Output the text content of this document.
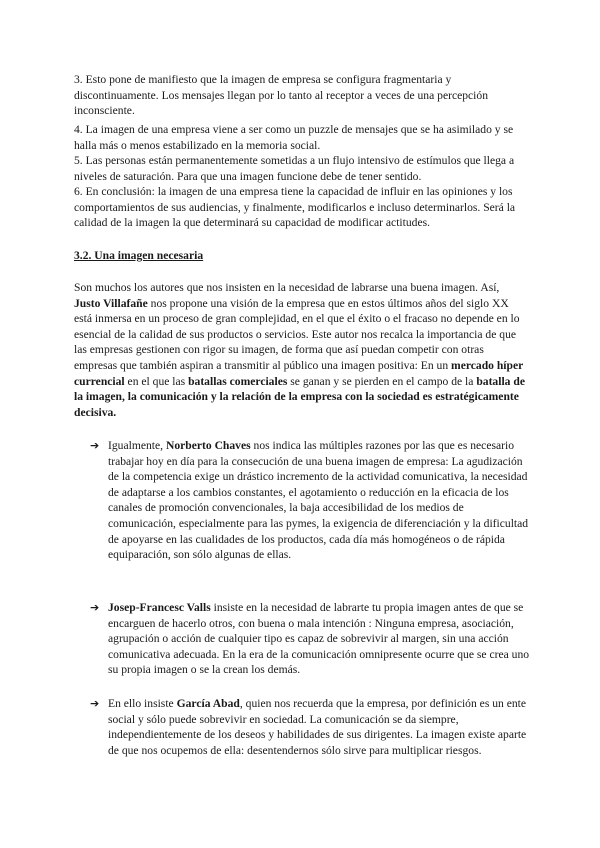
3. Esto pone de manifiesto que la imagen de empresa se configura fragmentaria y discontinuamente. Los mensajes llegan por lo tanto al receptor a veces de una percepción inconsciente.

4. La imagen de una empresa viene a ser como un puzzle de mensajes que se ha asimilado y se halla más o menos estabilizado en la memoria social.

5. Las personas están permanentemente sometidas a un flujo intensivo de estímulos que llega a niveles de saturación. Para que una imagen funcione debe de tener sentido.

6. En conclusión: la imagen de una empresa tiene la capacidad de influir en las opiniones y los comportamientos de sus audiencias, y finalmente, modificarlos e incluso determinarlos. Será la calidad de la imagen la que determinará su capacidad de modificar actitudes.

3.2. Una imagen necesaria

Son muchos los autores que nos insisten en la necesidad de labrarse una buena imagen. Así, Justo Villafañe nos propone una visión de la empresa que en estos últimos años del siglo XX está inmersa en un proceso de gran complejidad, en el que el éxito o el fracaso no depende en lo esencial de la calidad de sus productos o servicios. Este autor nos recalca la importancia de que las empresas gestionen con rigor su imagen, de forma que así puedan competir con otras empresas que también aspiran a transmitir al público una imagen positiva: En un mercado híper currencial en el que las batallas comerciales se ganan y se pierden en el campo de la batalla de la imagen, la comunicación y la relación de la empresa con la sociedad es estratégicamente decisiva.

➔ Igualmente, Norberto Chaves nos indica las múltiples razones por las que es necesario trabajar hoy en día para la consecución de una buena imagen de empresa: La agudización de la competencia exige un drástico incremento de la actividad comunicativa, la necesidad de adaptarse a los cambios constantes, el agotamiento o reducción en la eficacia de los canales de promoción convencionales, la baja accesibilidad de los medios de comunicación, especialmente para las pymes, la exigencia de diferenciación y la dificultad de apoyarse en las cualidades de los productos, cada día más homogéneos o de rápida equiparación, son sólo algunas de ellas.
➔ Josep-Francesc Valls insiste en la necesidad de labrarte tu propia imagen antes de que se encarguen de hacerlo otros, con buena o mala intención : Ninguna empresa, asociación, agrupación o acción de cualquier tipo es capaz de sobrevivir al margen, sin una acción comunicativa adecuada. En la era de la comunicación omnipresente ocurre que se crea uno su propia imagen o se la crean los demás.
➔ En ello insiste García Abad, quien nos recuerda que la empresa, por definición es un ente social y sólo puede sobrevivir en sociedad. La comunicación se da siempre, independientemente de los deseos y habilidades de sus dirigentes. La imagen existe aparte de que nos ocupemos de ella: desentendernos sólo sirve para multiplicar riesgos.
